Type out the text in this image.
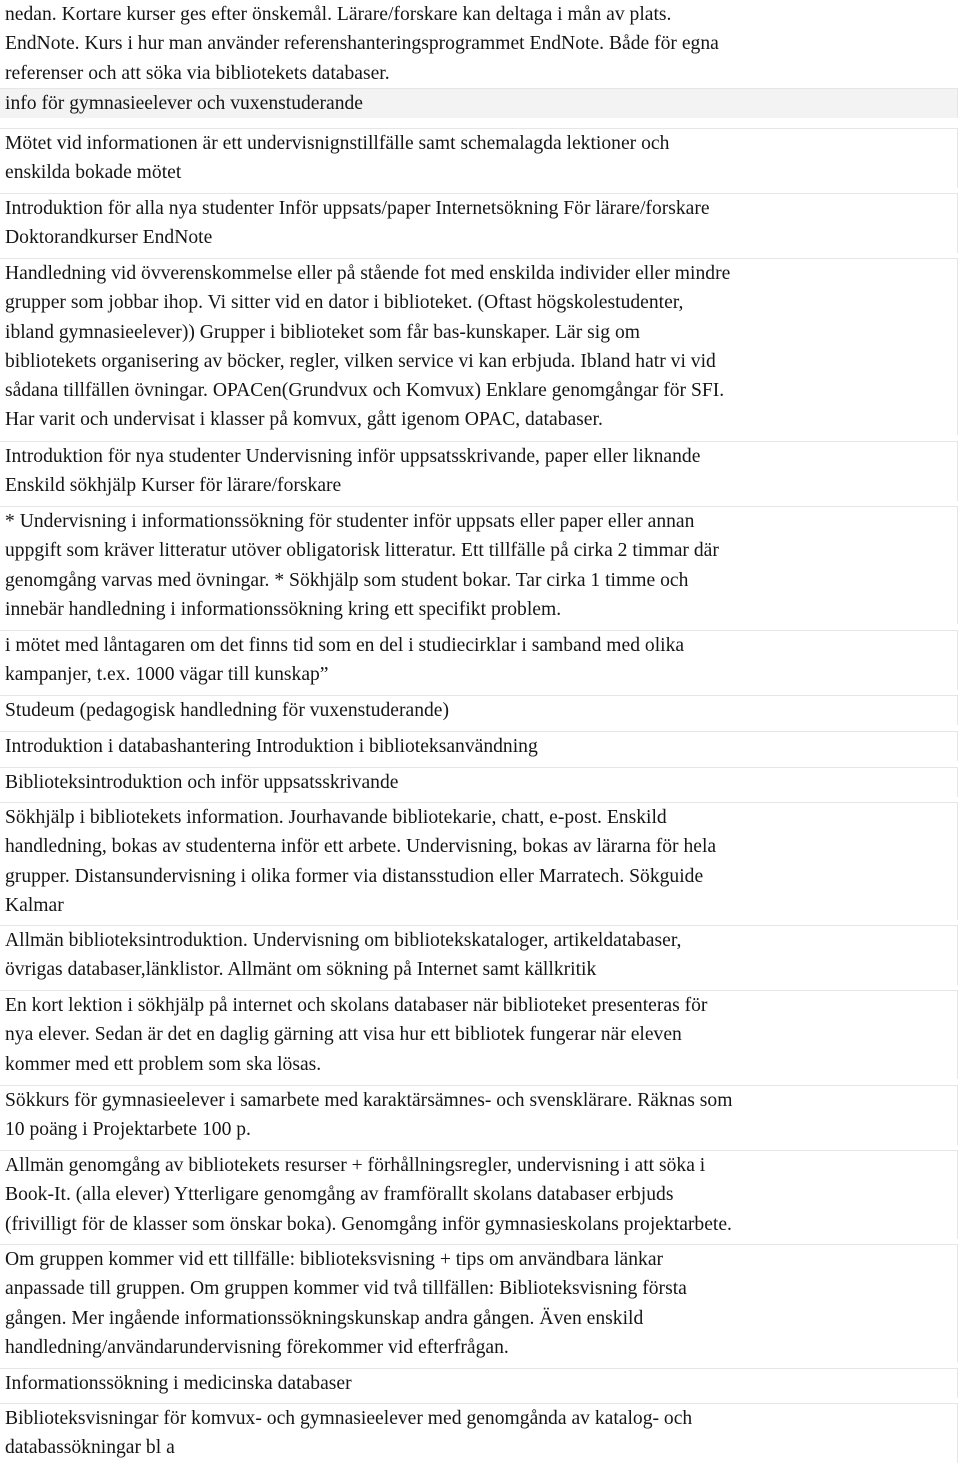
nedan. Kortare kurser ges efter önskemål. Lärare/forskare kan deltaga i mån av plats.
EndNote. Kurs i hur man använder referenshanteringsprogrammet EndNote. Både för egna
referenser och att söka via bibliotekets databaser.
info för gymnasieelever och vuxenstuderande
Mötet vid informationen är ett undervisnignstillfälle samt schemalagda lektioner och
enskilda bokade mötet
Introduktion för alla nya studenter Inför uppsats/paper Internetsökning För lärare/forskare
Doktorandkurser EndNote
Handledning vid övverenskommelse eller på stående fot med enskilda individer eller mindre
grupper som jobbar ihop. Vi sitter vid en dator i biblioteket. (Oftast högskolestudenter,
ibland gymnasieelever)) Grupper i biblioteket som får bas-kunskaper. Lär sig om
bibliotekets organisering av böcker, regler, vilken service vi kan erbjuda. Ibland hatr vi vid
sådana tillfällen övningar. OPACen(Grundvux och Komvux) Enklare genomgångar för SFI.
Har varit och undervisat i klasser på komvux, gått igenom OPAC, databaser.
Introduktion för nya studenter Undervisning inför uppsatsskrivande, paper eller liknande
Enskild sökhjälp Kurser för lärare/forskare
* Undervisning i informationssökning för studenter inför uppsats eller paper eller annan
uppgift som kräver litteratur utöver obligatorisk litteratur. Ett tillfälle på cirka 2 timmar där
genomgång varvas med övningar. * Sökhjälp som student bokar. Tar cirka 1 timme och
innebär handledning i informationssökning kring ett specifikt problem.
i mötet med låntagaren om det finns tid som en del i studiecirklar i samband med olika
kampanjer, t.ex. 1000 vägar till kunskap”
Studeum (pedagogisk handledning för vuxenstuderande)
Introduktion i databashantering Introduktion i biblioteksanvändning
Biblioteksintroduktion och inför uppsatsskrivande
Sökhjälp i bibliotekets information. Jourhavande bibliotekarie, chatt, e-post. Enskild
handledning, bokas av studenterna inför ett arbete. Undervisning, bokas av lärarna för hela
grupper. Distansundervisning i olika former via distansstudion eller Marratech. Sökguide
Kalmar
Allmän biblioteksintroduktion. Undervisning om bibliotekskataloger, artikeldatabaser,
övrigas databaser,länklistor. Allmänt om sökning på Internet samt källkritik
En kort lektion i sökhjälp på internet och skolans databaser när biblioteket presenteras för
nya elever. Sedan är det en daglig gärning att visa hur ett bibliotek fungerar när eleven
kommer med ett problem som ska lösas.
Sökkurs för gymnasieelever i samarbete med karaktärsämnes- och svensklärare. Räknas som
10 poäng i Projektarbete 100 p.
Allmän genomgång av bibliotekets resurser + förhållningsregler, undervisning i att söka i
Book-It. (alla elever) Ytterligare genomgång av framförallt skolans databaser erbjuds
(frivilligt för de klasser som önskar boka). Genomgång inför gymnasieskolans projektarbete.
Om gruppen kommer vid ett tillfälle: biblioteksvisning + tips om användbara länkar
anpassade till gruppen. Om gruppen kommer vid två tillfällen: Biblioteksvisning första
gången. Mer ingående informationssökningskunskap andra gången. Även enskild
handledning/användarundervisning förekommer vid efterfrågan.
Informationssökning i medicinska databaser
Biblioteksvisningar för komvux- och gymnasieelever med genomgånda av katalog- och
databassökningar bl a
